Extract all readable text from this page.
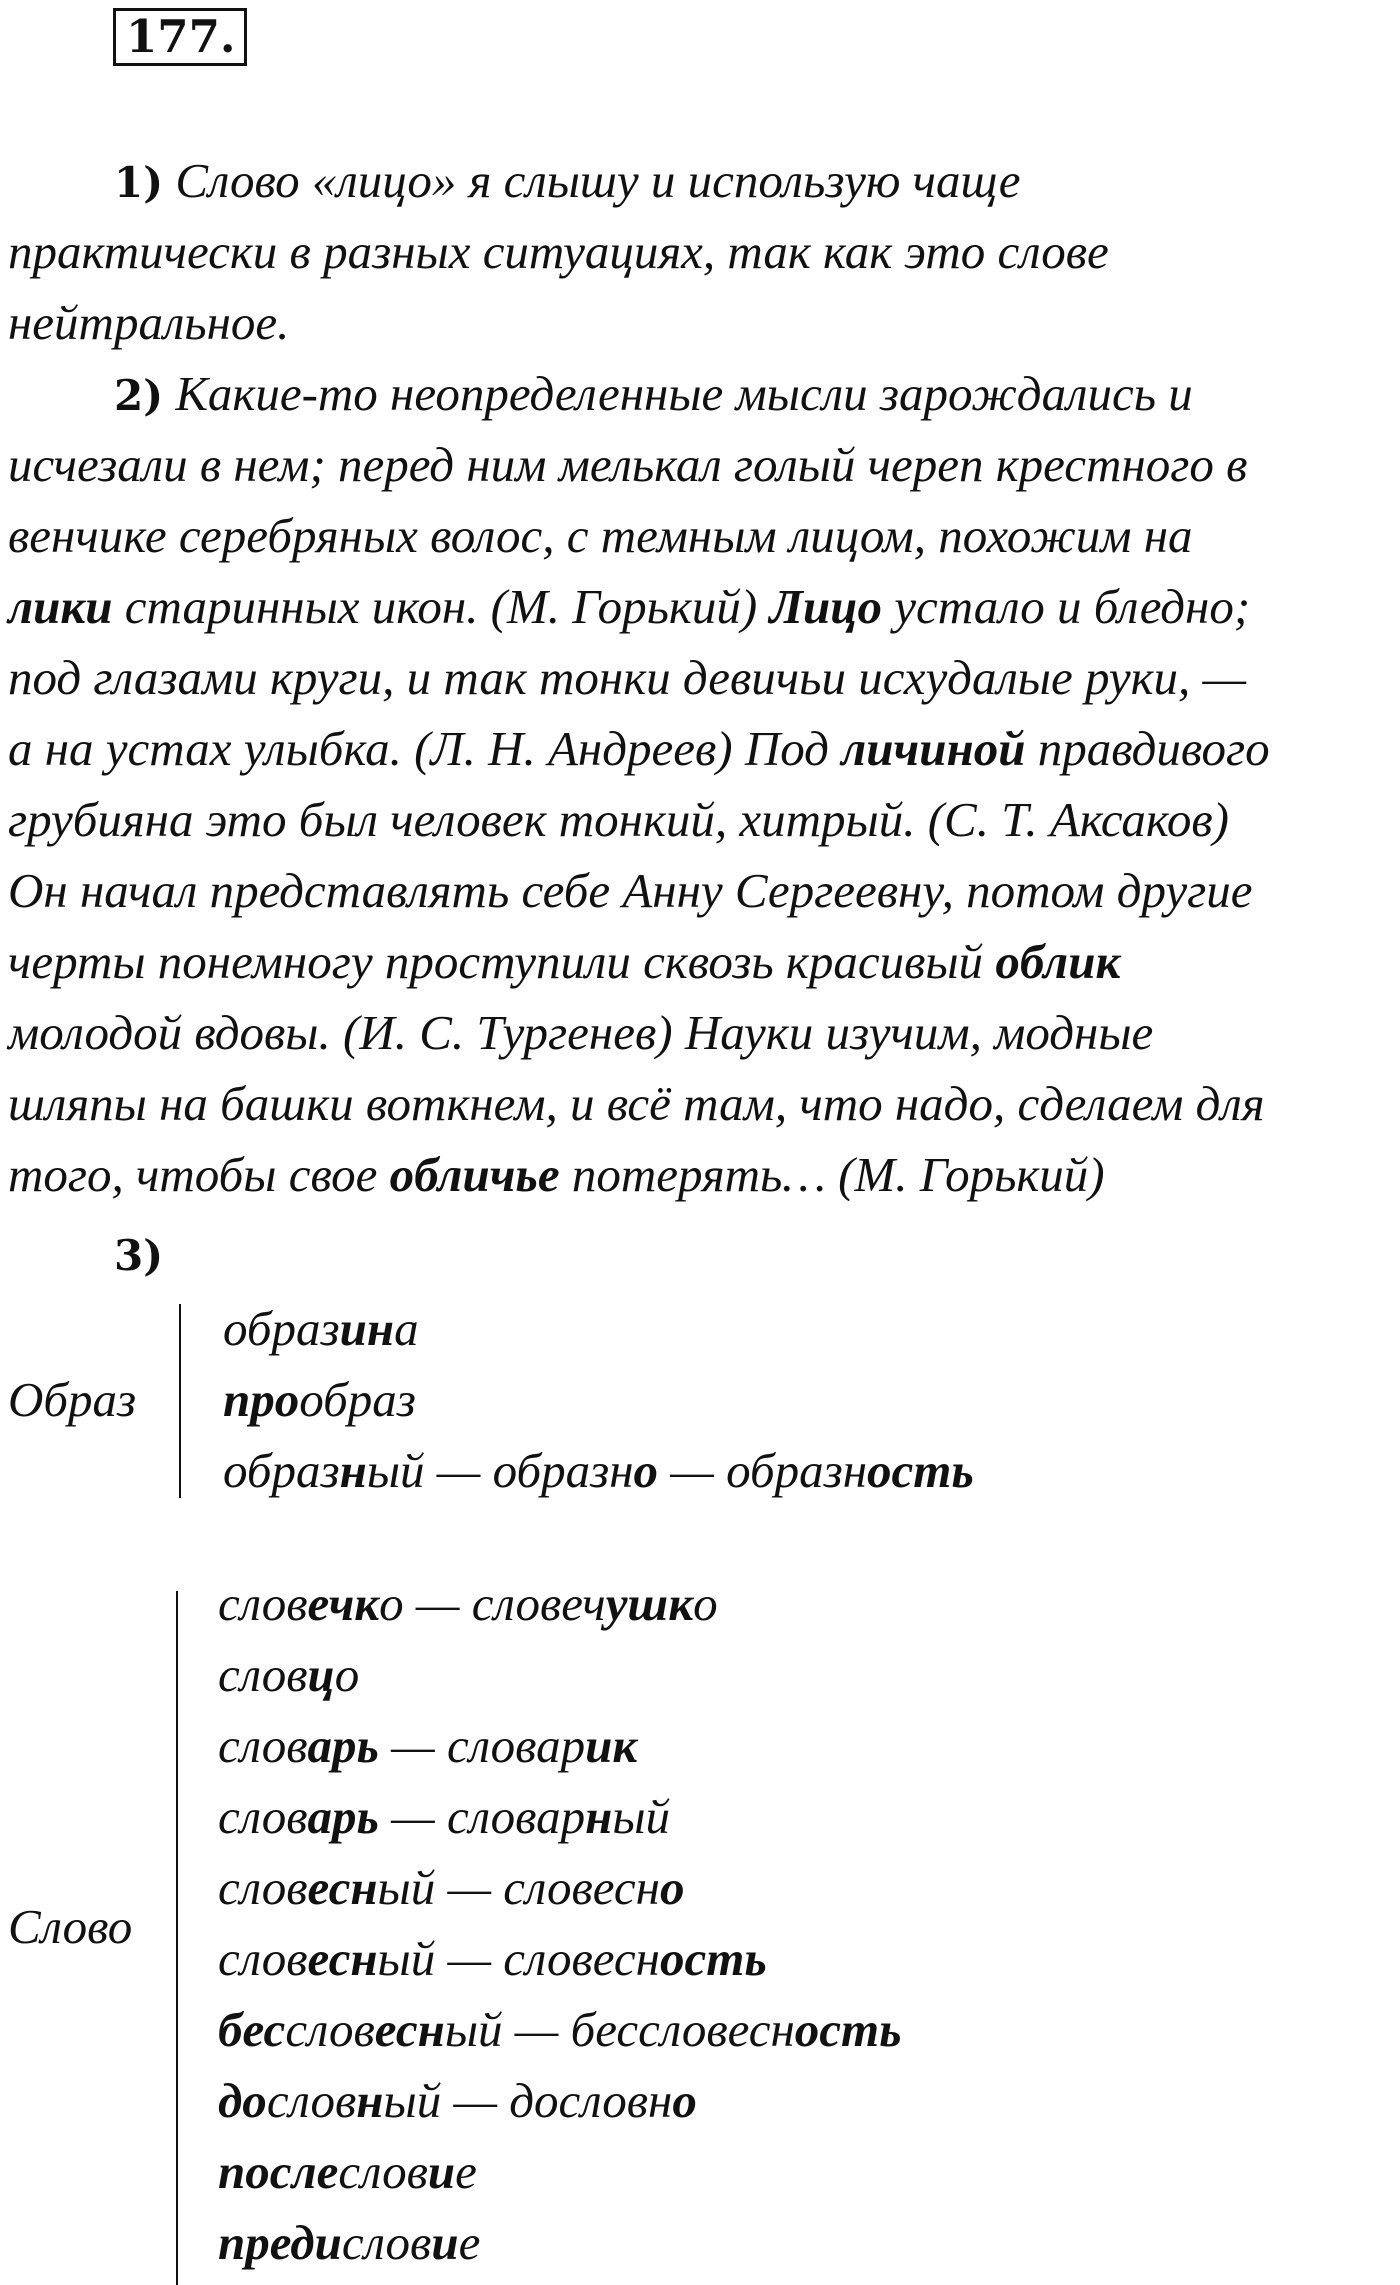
177.
1) Слово «лицо» я слышу и использую чаще
практически в разных ситуациях, так как это слове
нейтральное.
2) Какие-то неопределенные мысли зарождались и
исчезали в нем; перед ним мелькал голый череп крестного в
венчике серебряных волос, с темным лицом, похожим на
лики старинных икон. (М. Горький) Лицо устало и бледно;
под глазами круги, и так тонки девичьи исхудалые руки, —
а на устах улыбка. (Л. Н. Андреев) Под личиной правдивого
грубияна это был человек тонкий, хитрый. (С. Т. Аксаков)
Он начал представлять себе Анну Сергеевну, потом другие
черты понемногу проступили сквозь красивый облик
молодой вдовы. (И. С. Тургенев) Науки изучим, модные
шляпы на башки воткнем, и всё там, что надо, сделаем для
того, чтобы свое обличье потерять… (М. Горький)
3)
Образ
образина
прообраз
образный — образно — образность
Слово
словечко — словечушко
словцо
словарь — словарик
словарь — словарный
словесный — словесно
словесный — словесность
бессловесный — бессловесность
дословный — дословно
послесловие
предисловие
